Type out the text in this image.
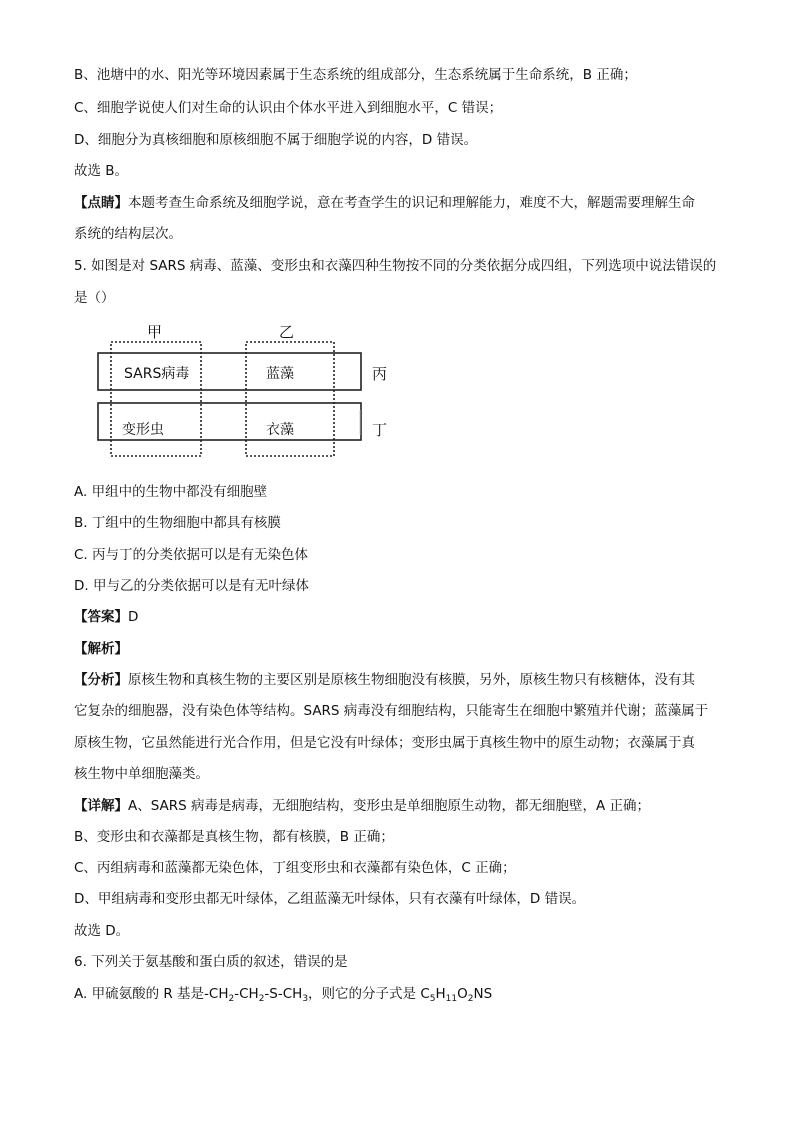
B、池塘中的水、阳光等环境因素属于生态系统的组成部分，生态系统属于生命系统，B 正确；
C、细胞学说使人们对生命的认识由个体水平进入到细胞水平，C 错误；
D、细胞分为真核细胞和原核细胞不属于细胞学说的内容，D 错误。
故选 B。
【点睛】本题考查生命系统及细胞学说，意在考查学生的识记和理解能力，难度不大，解题需要理解生命
系统的结构层次。
5. 如图是对 SARS 病毒、蓝藻、变形虫和衣藻四种生物按不同的分类依据分成四组，下列选项中说法错误的
是（）
甲	乙
丙
丁
SARS病毒	蓝藻
变形虫	衣藻
A. 甲组中的生物中都没有细胞壁
B. 丁组中的生物细胞中都具有核膜
C. 丙与丁的分类依据可以是有无染色体
D. 甲与乙的分类依据可以是有无叶绿体
【答案】D
【解析】
【分析】原核生物和真核生物的主要区别是原核生物细胞没有核膜，另外，原核生物只有核糖体，没有其
它复杂的细胞器，没有染色体等结构。SARS 病毒没有细胞结构，只能寄生在细胞中繁殖并代谢；蓝藻属于
原核生物，它虽然能进行光合作用，但是它没有叶绿体；变形虫属于真核生物中的原生动物；衣藻属于真
核生物中单细胞藻类。
【详解】A、SARS 病毒是病毒，无细胞结构，变形虫是单细胞原生动物，都无细胞壁，A 正确；
B、变形虫和衣藻都是真核生物，都有核膜，B 正确；
C、丙组病毒和蓝藻都无染色体，丁组变形虫和衣藻都有染色体，C 正确；
D、甲组病毒和变形虫都无叶绿体，乙组蓝藻无叶绿体，只有衣藻有叶绿体，D 错误。
故选 D。
6. 下列关于氨基酸和蛋白质的叙述，错误的是
A. 甲硫氨酸的 R 基是$-CH_2-CH_2-S-CH_3$，则它的分子式是 $C_5H_{11}O_2NS$
